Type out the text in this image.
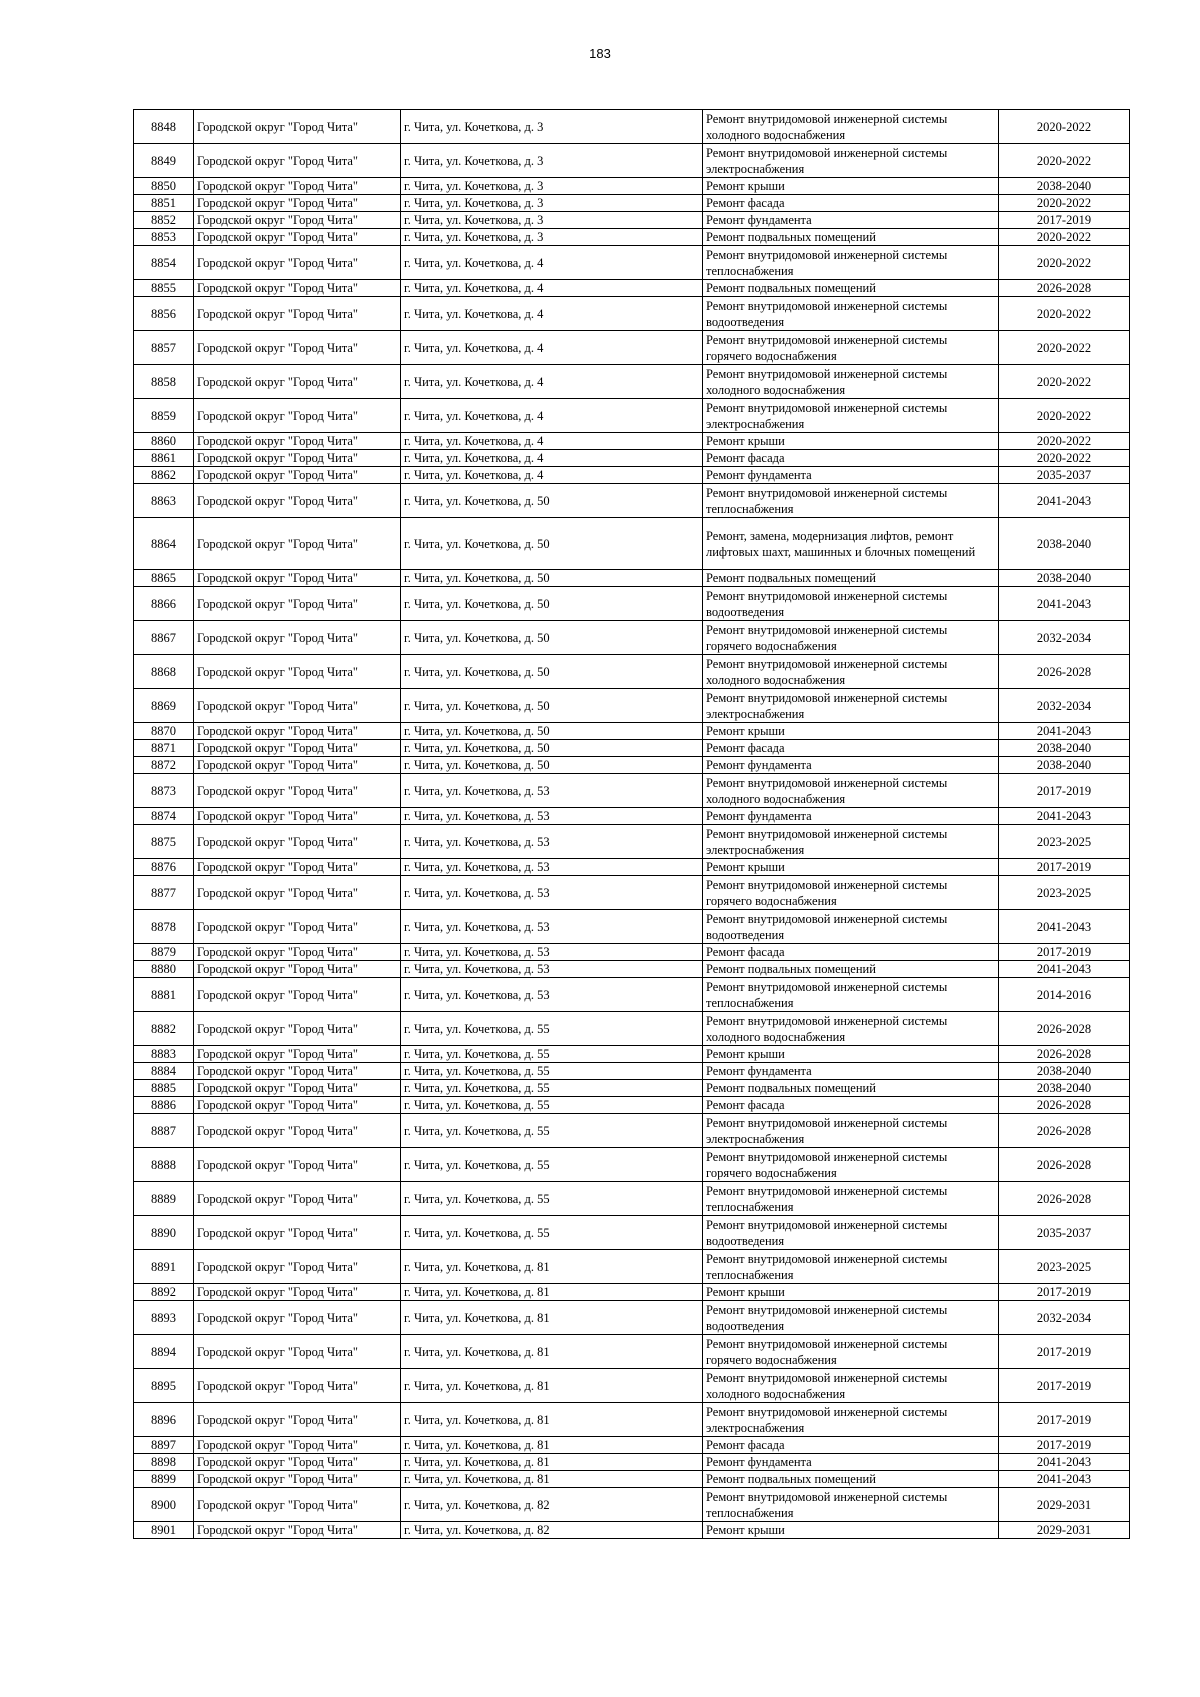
183
8848	Городской округ "Город Чита"	г. Чита, ул. Кочеткова, д. 3	Ремонт внутридомовой инженерной системы холодного водоснабжения	2020-2022
8849	Городской округ "Город Чита"	г. Чита, ул. Кочеткова, д. 3	Ремонт внутридомовой инженерной системы электроснабжения	2020-2022
8850	Городской округ "Город Чита"	г. Чита, ул. Кочеткова, д. 3	Ремонт крыши	2038-2040
8851	Городской округ "Город Чита"	г. Чита, ул. Кочеткова, д. 3	Ремонт фасада	2020-2022
8852	Городской округ "Город Чита"	г. Чита, ул. Кочеткова, д. 3	Ремонт фундамента	2017-2019
8853	Городской округ "Город Чита"	г. Чита, ул. Кочеткова, д. 3	Ремонт подвальных помещений	2020-2022
8854	Городской округ "Город Чита"	г. Чита, ул. Кочеткова, д. 4	Ремонт внутридомовой инженерной системы теплоснабжения	2020-2022
8855	Городской округ "Город Чита"	г. Чита, ул. Кочеткова, д. 4	Ремонт подвальных помещений	2026-2028
8856	Городской округ "Город Чита"	г. Чита, ул. Кочеткова, д. 4	Ремонт внутридомовой инженерной системы водоотведения	2020-2022
8857	Городской округ "Город Чита"	г. Чита, ул. Кочеткова, д. 4	Ремонт внутридомовой инженерной системы горячего водоснабжения	2020-2022
8858	Городской округ "Город Чита"	г. Чита, ул. Кочеткова, д. 4	Ремонт внутридомовой инженерной системы холодного водоснабжения	2020-2022
8859	Городской округ "Город Чита"	г. Чита, ул. Кочеткова, д. 4	Ремонт внутридомовой инженерной системы электроснабжения	2020-2022
8860	Городской округ "Город Чита"	г. Чита, ул. Кочеткова, д. 4	Ремонт крыши	2020-2022
8861	Городской округ "Город Чита"	г. Чита, ул. Кочеткова, д. 4	Ремонт фасада	2020-2022
8862	Городской округ "Город Чита"	г. Чита, ул. Кочеткова, д. 4	Ремонт фундамента	2035-2037
8863	Городской округ "Город Чита"	г. Чита, ул. Кочеткова, д. 50	Ремонт внутридомовой инженерной системы теплоснабжения	2041-2043
8864	Городской округ "Город Чита"	г. Чита, ул. Кочеткова, д. 50	Ремонт, замена, модернизация лифтов, ремонт лифтовых шахт, машинных и блочных помещений	2038-2040
8865	Городской округ "Город Чита"	г. Чита, ул. Кочеткова, д. 50	Ремонт подвальных помещений	2038-2040
8866	Городской округ "Город Чита"	г. Чита, ул. Кочеткова, д. 50	Ремонт внутридомовой инженерной системы водоотведения	2041-2043
8867	Городской округ "Город Чита"	г. Чита, ул. Кочеткова, д. 50	Ремонт внутридомовой инженерной системы горячего водоснабжения	2032-2034
8868	Городской округ "Город Чита"	г. Чита, ул. Кочеткова, д. 50	Ремонт внутридомовой инженерной системы холодного водоснабжения	2026-2028
8869	Городской округ "Город Чита"	г. Чита, ул. Кочеткова, д. 50	Ремонт внутридомовой инженерной системы электроснабжения	2032-2034
8870	Городской округ "Город Чита"	г. Чита, ул. Кочеткова, д. 50	Ремонт крыши	2041-2043
8871	Городской округ "Город Чита"	г. Чита, ул. Кочеткова, д. 50	Ремонт фасада	2038-2040
8872	Городской округ "Город Чита"	г. Чита, ул. Кочеткова, д. 50	Ремонт фундамента	2038-2040
8873	Городской округ "Город Чита"	г. Чита, ул. Кочеткова, д. 53	Ремонт внутридомовой инженерной системы холодного водоснабжения	2017-2019
8874	Городской округ "Город Чита"	г. Чита, ул. Кочеткова, д. 53	Ремонт фундамента	2041-2043
8875	Городской округ "Город Чита"	г. Чита, ул. Кочеткова, д. 53	Ремонт внутридомовой инженерной системы электроснабжения	2023-2025
8876	Городской округ "Город Чита"	г. Чита, ул. Кочеткова, д. 53	Ремонт крыши	2017-2019
8877	Городской округ "Город Чита"	г. Чита, ул. Кочеткова, д. 53	Ремонт внутридомовой инженерной системы горячего водоснабжения	2023-2025
8878	Городской округ "Город Чита"	г. Чита, ул. Кочеткова, д. 53	Ремонт внутридомовой инженерной системы водоотведения	2041-2043
8879	Городской округ "Город Чита"	г. Чита, ул. Кочеткова, д. 53	Ремонт фасада	2017-2019
8880	Городской округ "Город Чита"	г. Чита, ул. Кочеткова, д. 53	Ремонт подвальных помещений	2041-2043
8881	Городской округ "Город Чита"	г. Чита, ул. Кочеткова, д. 53	Ремонт внутридомовой инженерной системы теплоснабжения	2014-2016
8882	Городской округ "Город Чита"	г. Чита, ул. Кочеткова, д. 55	Ремонт внутридомовой инженерной системы холодного водоснабжения	2026-2028
8883	Городской округ "Город Чита"	г. Чита, ул. Кочеткова, д. 55	Ремонт крыши	2026-2028
8884	Городской округ "Город Чита"	г. Чита, ул. Кочеткова, д. 55	Ремонт фундамента	2038-2040
8885	Городской округ "Город Чита"	г. Чита, ул. Кочеткова, д. 55	Ремонт подвальных помещений	2038-2040
8886	Городской округ "Город Чита"	г. Чита, ул. Кочеткова, д. 55	Ремонт фасада	2026-2028
8887	Городской округ "Город Чита"	г. Чита, ул. Кочеткова, д. 55	Ремонт внутридомовой инженерной системы электроснабжения	2026-2028
8888	Городской округ "Город Чита"	г. Чита, ул. Кочеткова, д. 55	Ремонт внутридомовой инженерной системы горячего водоснабжения	2026-2028
8889	Городской округ "Город Чита"	г. Чита, ул. Кочеткова, д. 55	Ремонт внутридомовой инженерной системы теплоснабжения	2026-2028
8890	Городской округ "Город Чита"	г. Чита, ул. Кочеткова, д. 55	Ремонт внутридомовой инженерной системы водоотведения	2035-2037
8891	Городской округ "Город Чита"	г. Чита, ул. Кочеткова, д. 81	Ремонт внутридомовой инженерной системы теплоснабжения	2023-2025
8892	Городской округ "Город Чита"	г. Чита, ул. Кочеткова, д. 81	Ремонт крыши	2017-2019
8893	Городской округ "Город Чита"	г. Чита, ул. Кочеткова, д. 81	Ремонт внутридомовой инженерной системы водоотведения	2032-2034
8894	Городской округ "Город Чита"	г. Чита, ул. Кочеткова, д. 81	Ремонт внутридомовой инженерной системы горячего водоснабжения	2017-2019
8895	Городской округ "Город Чита"	г. Чита, ул. Кочеткова, д. 81	Ремонт внутридомовой инженерной системы холодного водоснабжения	2017-2019
8896	Городской округ "Город Чита"	г. Чита, ул. Кочеткова, д. 81	Ремонт внутридомовой инженерной системы электроснабжения	2017-2019
8897	Городской округ "Город Чита"	г. Чита, ул. Кочеткова, д. 81	Ремонт фасада	2017-2019
8898	Городской округ "Город Чита"	г. Чита, ул. Кочеткова, д. 81	Ремонт фундамента	2041-2043
8899	Городской округ "Город Чита"	г. Чита, ул. Кочеткова, д. 81	Ремонт подвальных помещений	2041-2043
8900	Городской округ "Город Чита"	г. Чита, ул. Кочеткова, д. 82	Ремонт внутридомовой инженерной системы теплоснабжения	2029-2031
8901	Городской округ "Город Чита"	г. Чита, ул. Кочеткова, д. 82	Ремонт крыши	2029-2031
